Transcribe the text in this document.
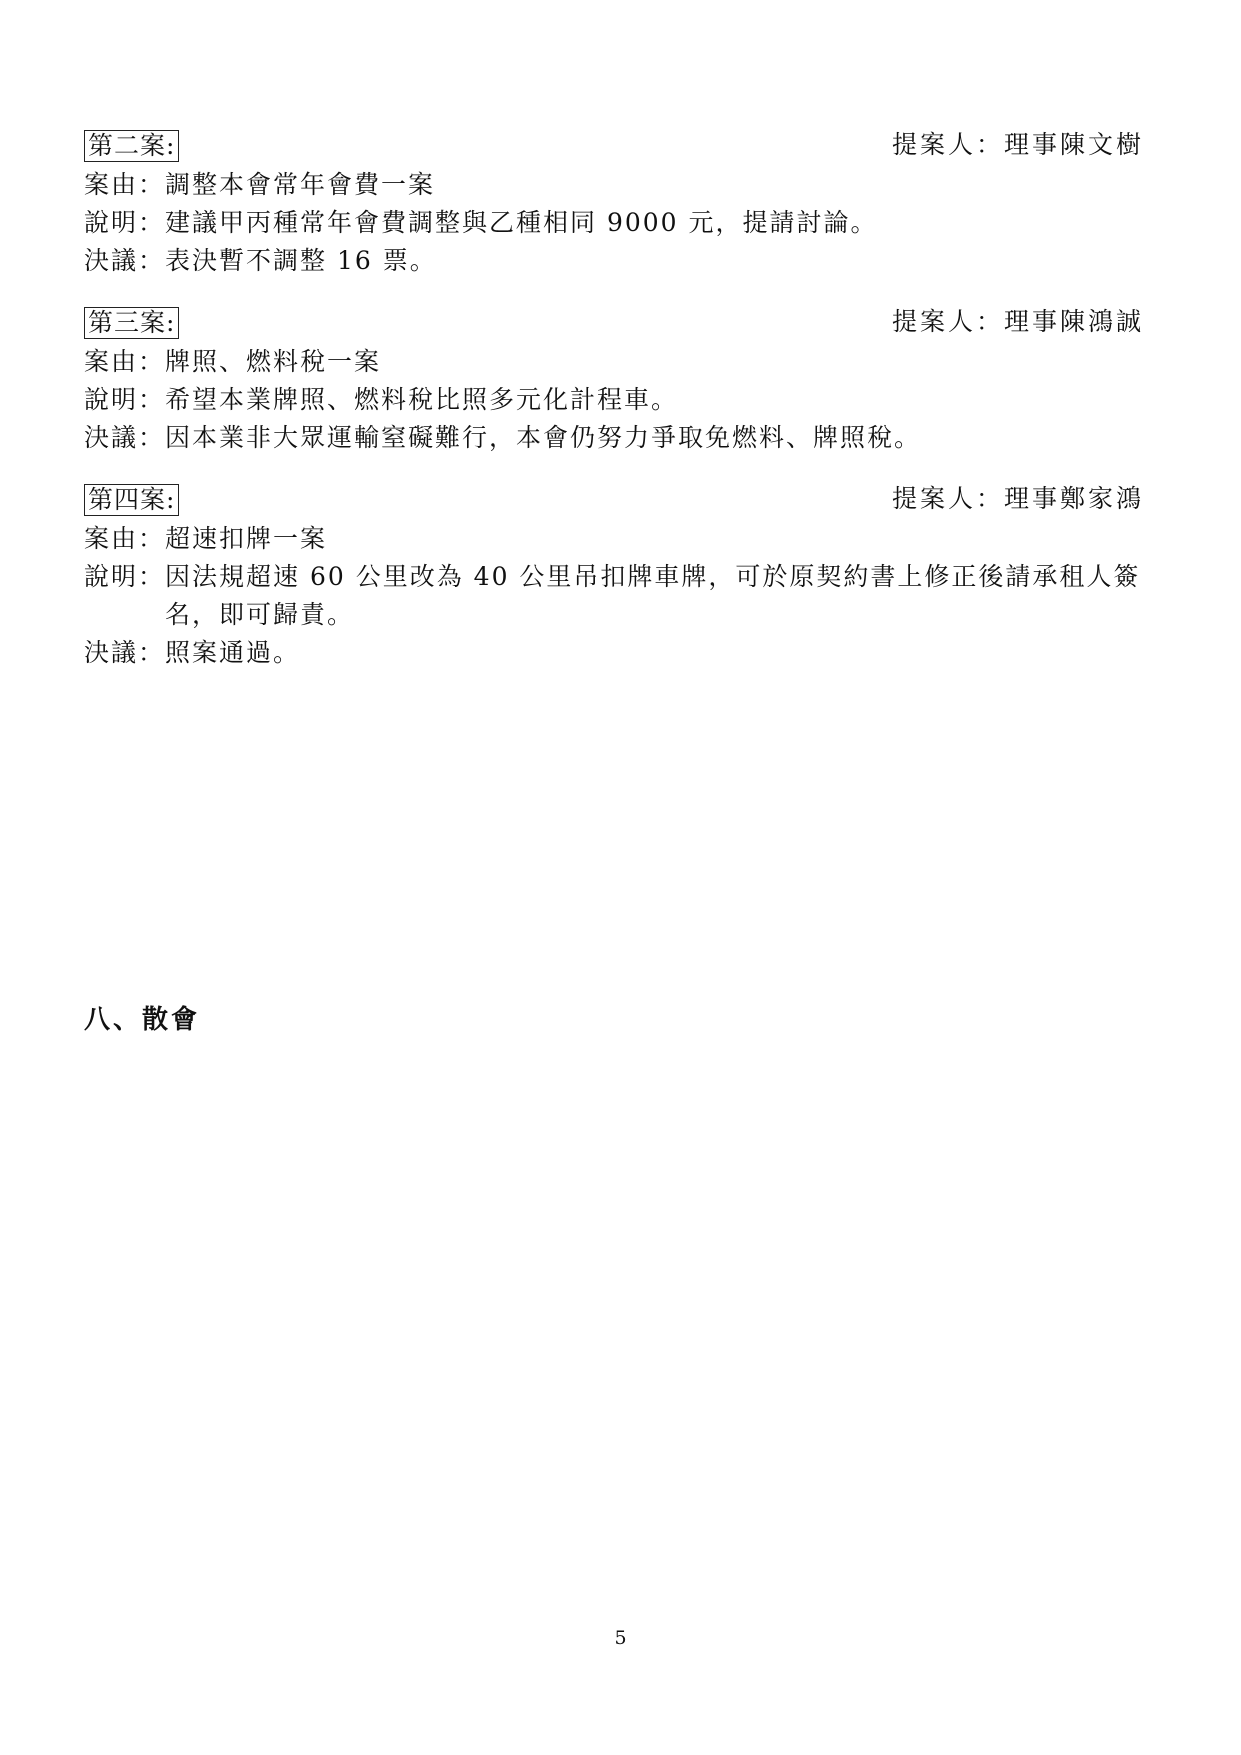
第二案:	提案人：理事陳文樹
案由： 調整本會常年會費一案
說明： 建議甲丙種常年會費調整與乙種相同 9000 元，提請討論。
決議： 表決暫不調整 16 票。
第三案:	提案人：理事陳鴻誠
案由： 牌照、燃料稅一案
說明： 希望本業牌照、燃料稅比照多元化計程車。
決議： 因本業非大眾運輸窒礙難行，本會仍努力爭取免燃料、牌照稅。
第四案:	提案人：理事鄭家鴻
案由： 超速扣牌一案
說明： 因法規超速 60 公里改為 40 公里吊扣牌車牌，可於原契約書上修正後請承租人簽名，即可歸責。
決議： 照案通過。
八、散會
5
